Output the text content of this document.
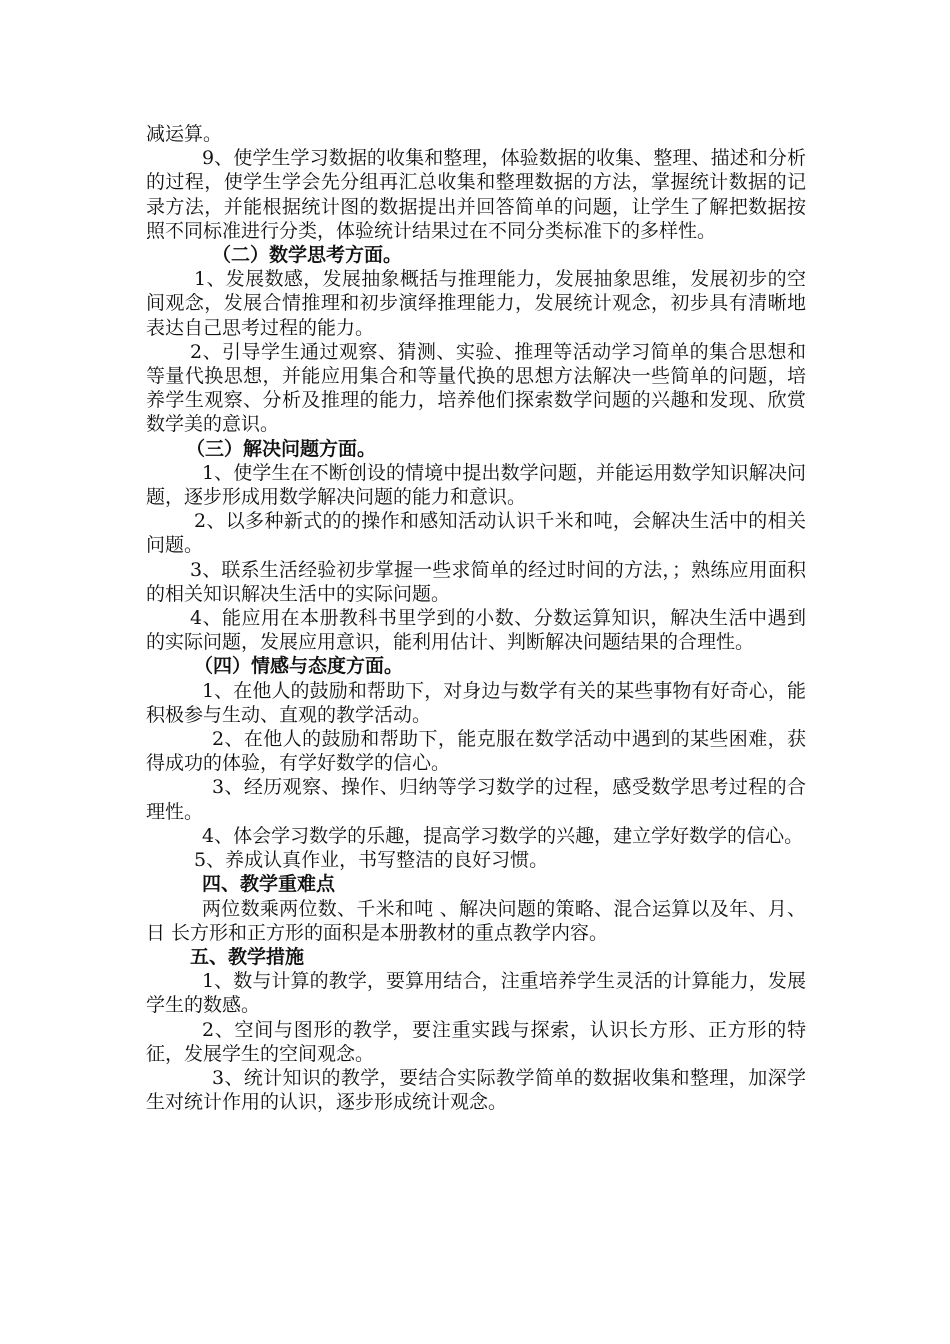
减运算。

9、使学生学习数据的收集和整理，体验数据的收集、整理、描述和分析的过程，使学生学会先分组再汇总收集和整理数据的方法，掌握统计数据的记录方法，并能根据统计图的数据提出并回答简单的问题，让学生了解把数据按照不同标准进行分类，体验统计结果过在不同分类标准下的多样性。

（二）数学思考方面。

1、发展数感，发展抽象概括与推理能力，发展抽象思维，发展初步的空间观念，发展合情推理和初步演绎推理能力，发展统计观念，初步具有清晰地表达自己思考过程的能力。

2、引导学生通过观察、猜测、实验、推理等活动学习简单的集合思想和等量代换思想，并能应用集合和等量代换的思想方法解决一些简单的问题，培养学生观察、分析及推理的能力，培养他们探索数学问题的兴趣和发现、欣赏数学美的意识。

（三）解决问题方面。

1、使学生在不断创设的情境中提出数学问题，并能运用数学知识解决问题，逐步形成用数学解决问题的能力和意识。

2、以多种新式的的操作和感知活动认识千米和吨，会解决生活中的相关问题。

3、联系生活经验初步掌握一些求简单的经过时间的方法，；熟练应用面积的相关知识解决生活中的实际问题。

4、能应用在本册教科书里学到的小数、分数运算知识，解决生活中遇到的实际问题，发展应用意识，能利用估计、判断解决问题结果的合理性。

（四）情感与态度方面。

1、在他人的鼓励和帮助下，对身边与数学有关的某些事物有好奇心，能积极参与生动、直观的教学活动。

2、在他人的鼓励和帮助下，能克服在数学活动中遇到的某些困难，获得成功的体验，有学好数学的信心。

3、经历观察、操作、归纳等学习数学的过程，感受数学思考过程的合理性。

4、体会学习数学的乐趣，提高学习数学的兴趣，建立学好数学的信心。

5、养成认真作业，书写整洁的良好习惯。

四、教学重难点

两位数乘两位数、千米和吨 、解决问题的策略、混合运算以及年、月、日 长方形和正方形的面积是本册教材的重点教学内容。

五、教学措施

1、数与计算的教学，要算用结合，注重培养学生灵活的计算能力，发展学生的数感。

2、空间与图形的教学，要注重实践与探索，认识长方形、正方形的特征，发展学生的空间观念。

3、统计知识的教学，要结合实际教学简单的数据收集和整理，加深学生对统计作用的认识，逐步形成统计观念。
